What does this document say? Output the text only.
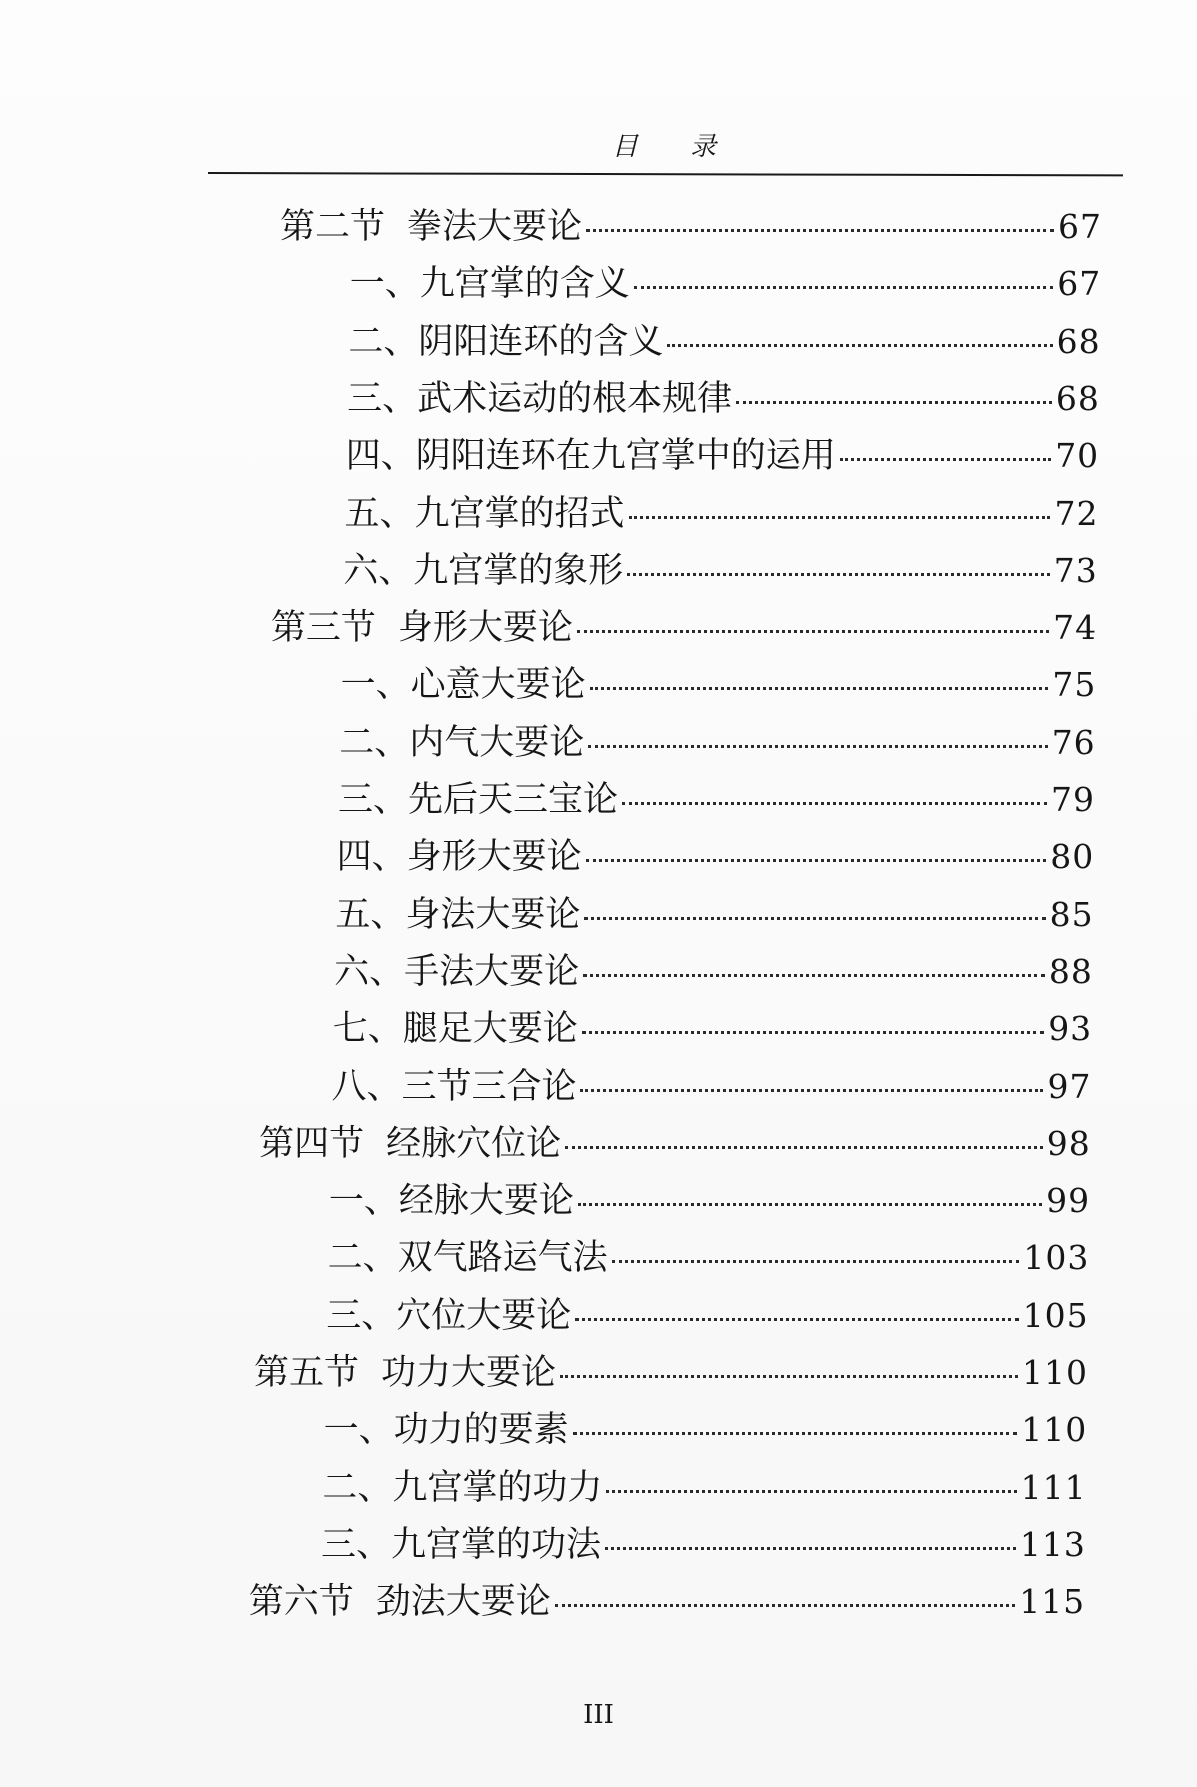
目 录
第二节 拳法大要论	67
一、九宫掌的含义	67
二、阴阳连环的含义	68
三、武术运动的根本规律	68
四、阴阳连环在九宫掌中的运用	70
五、九宫掌的招式	72
六、九宫掌的象形	73
第三节 身形大要论	74
一、心意大要论	75
二、内气大要论	76
三、先后天三宝论	79
四、身形大要论	80
五、身法大要论	85
六、手法大要论	88
七、腿足大要论	93
八、三节三合论	97
第四节 经脉穴位论	98
一、经脉大要论	99
二、双气路运气法	103
三、穴位大要论	105
第五节 功力大要论	110
一、功力的要素	110
二、九宫掌的功力	111
三、九宫掌的功法	113
第六节 劲法大要论	115
III
